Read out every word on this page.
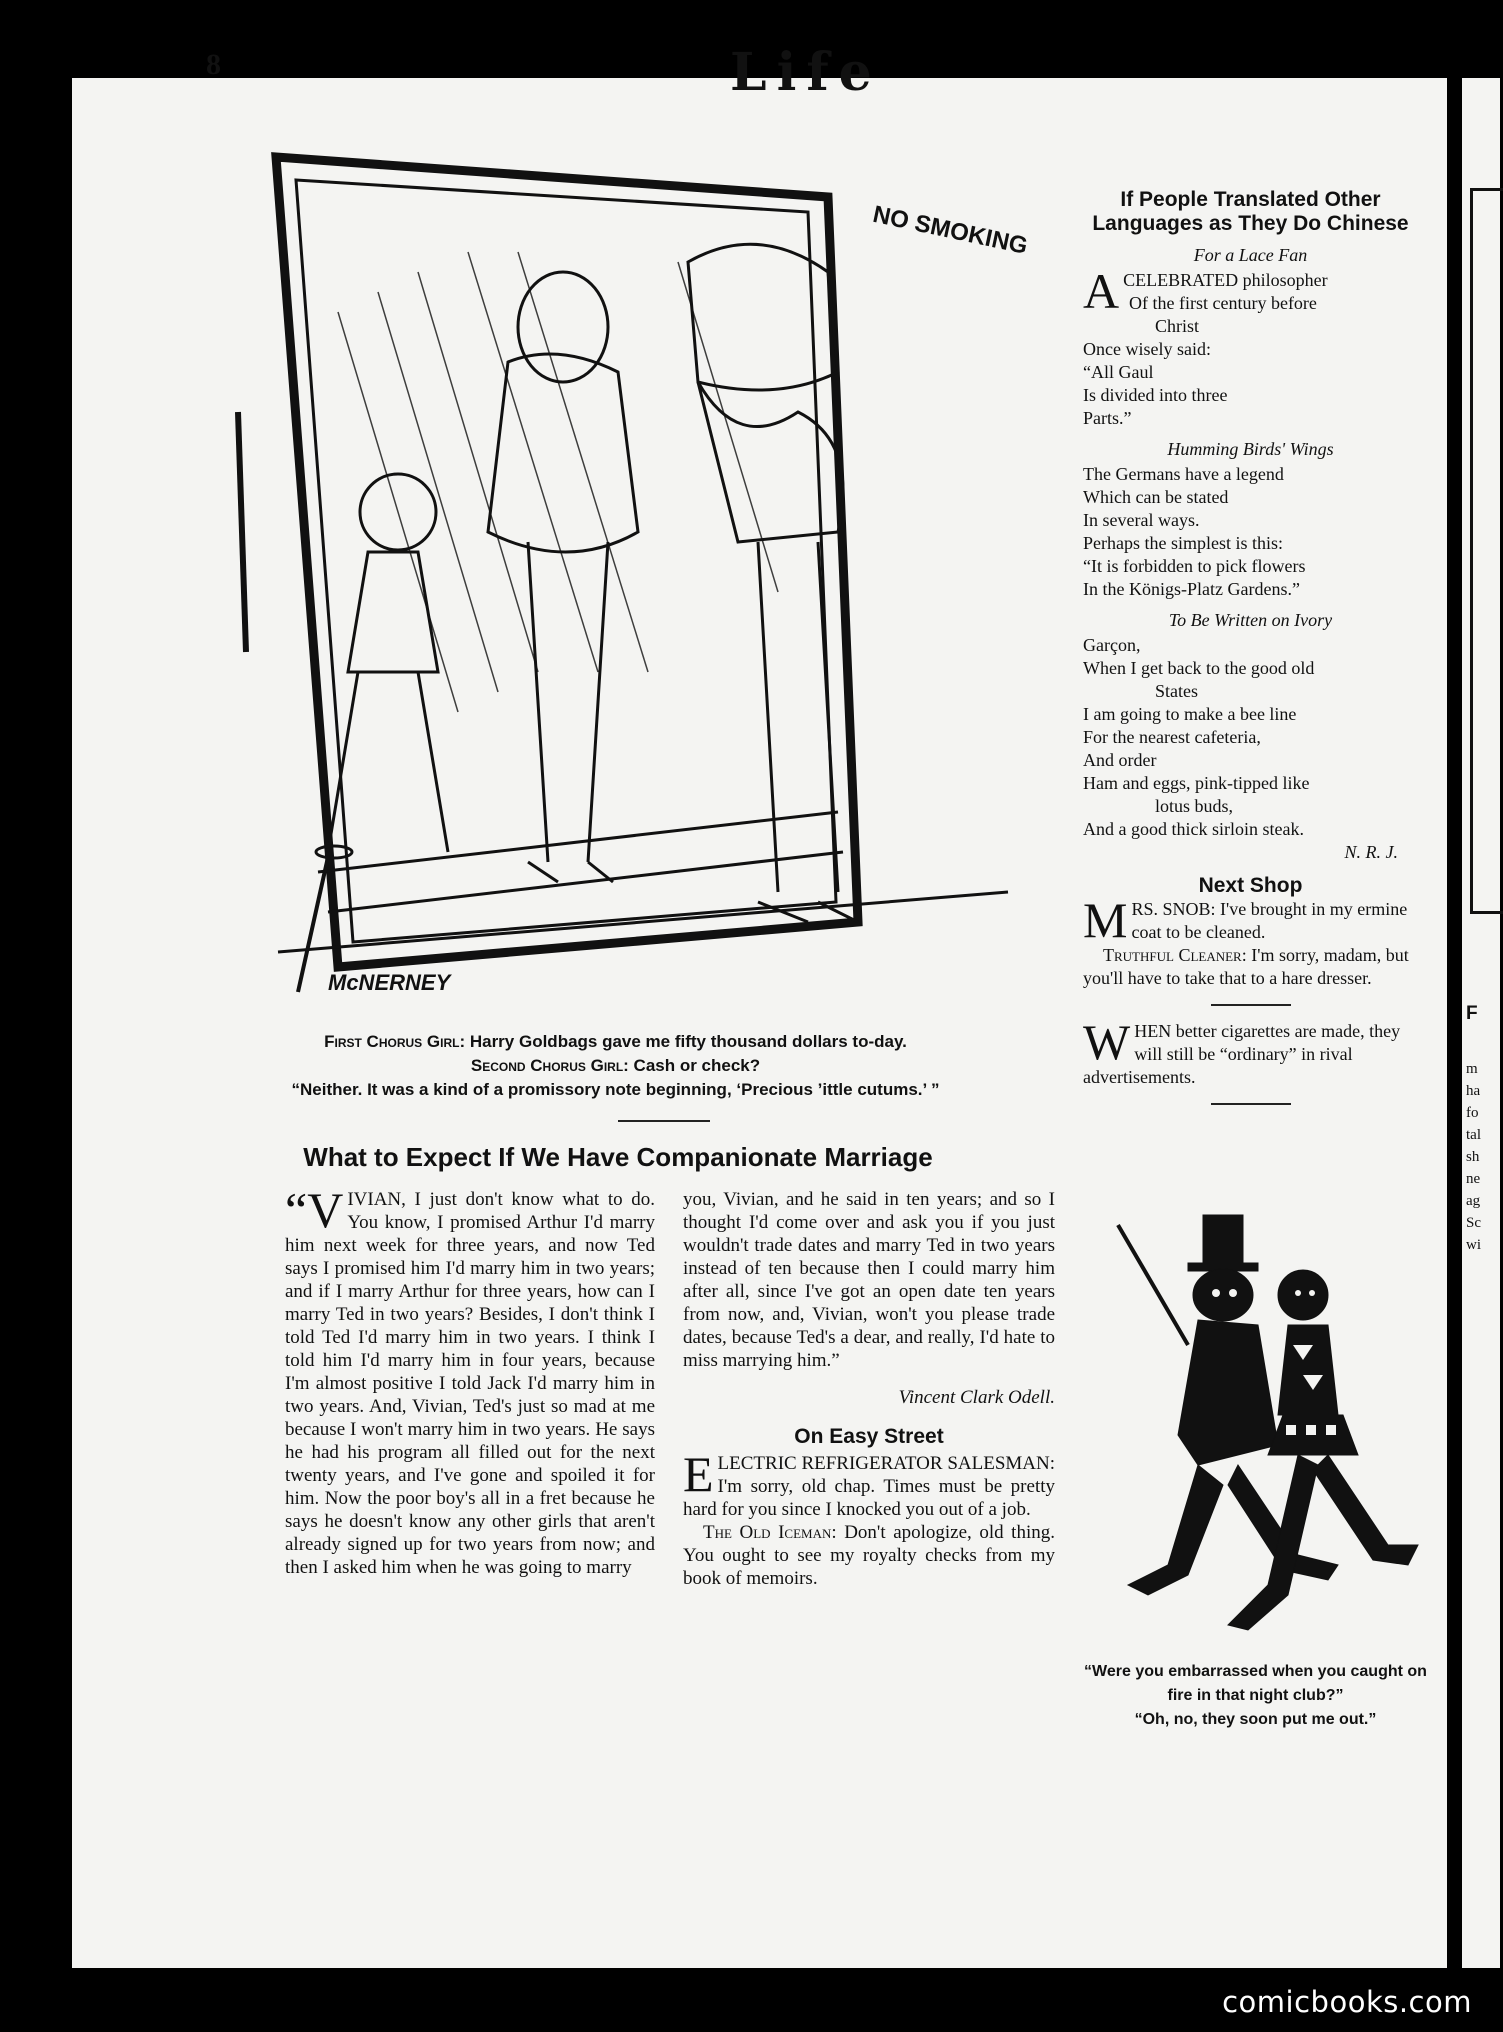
F
m
ha
fo
tal
sh
ne
ag
Sc
wi
8	Life
McNERNEY
NO SMOKING
First Chorus Girl: Harry Goldbags gave me fifty thousand dollars to-day.
Second Chorus Girl: Cash or check?
“Neither. It was a kind of a promissory note beginning, ‘Precious ’ittle cutums.’ ”
What to Expect If We Have Companionate Marriage

“VIVIAN, I just don't know what to do. You know, I promised Arthur I'd marry him next week for three years, and now Ted says I promised him I'd marry him in two years; and if I marry Arthur for three years, how can I marry Ted in two years? Besides, I don't think I told Ted I'd marry him in two years. I think I told him I'd marry him in four years, because I'm almost positive I told Jack I'd marry him in two years. And, Vivian, Ted's just so mad at me because I won't marry him in two years. He says he had his program all filled out for the next twenty years, and I've gone and spoiled it for him. Now the poor boy's all in a fret because he says he doesn't know any other girls that aren't already signed up for two years from now; and then I asked him when he was going to marry

you, Vivian, and he said in ten years; and so I thought I'd come over and ask you if you just wouldn't trade dates and marry Ted in two years instead of ten because then I could marry him after all, since I've got an open date ten years from now, and, Vivian, won't you please trade dates, because Ted's a dear, and really, I'd hate to miss marrying him.”

Vincent Clark Odell.

On Easy Street

ELECTRIC REFRIGERATOR SALESMAN: I'm sorry, old chap. Times must be pretty hard for you since I knocked you out of a job.

The Old Iceman: Don't apologize, old thing. You ought to see my royalty checks from my book of memoirs.

If People Translated Other Languages as They Do Chinese

For a Lace Fan

ACELEBRATED philosopher

Of the first century before

Christ

Once wisely said:

“All Gaul

Is divided into three

Parts.”

Humming Birds' Wings

The Germans have a legend

Which can be stated

In several ways.

Perhaps the simplest is this:

“It is forbidden to pick flowers

In the Königs-Platz Gardens.”

To Be Written on Ivory

Garçon,

When I get back to the good old

States

I am going to make a bee line

For the nearest cafeteria,

And order

Ham and eggs, pink-tipped like

lotus buds,

And a good thick sirloin steak.

N. R. J.

Next Shop

MRS. SNOB: I've brought in my ermine coat to be cleaned.

Truthful Cleaner: I'm sorry, madam, but you'll have to take that to a hare dresser.

WHEN better cigarettes are made, they will still be “ordinary” in rival advertisements.

“Were you embarrassed when you caught on fire in that night club?”
“Oh, no, they soon put me out.”
comicbooks.com
